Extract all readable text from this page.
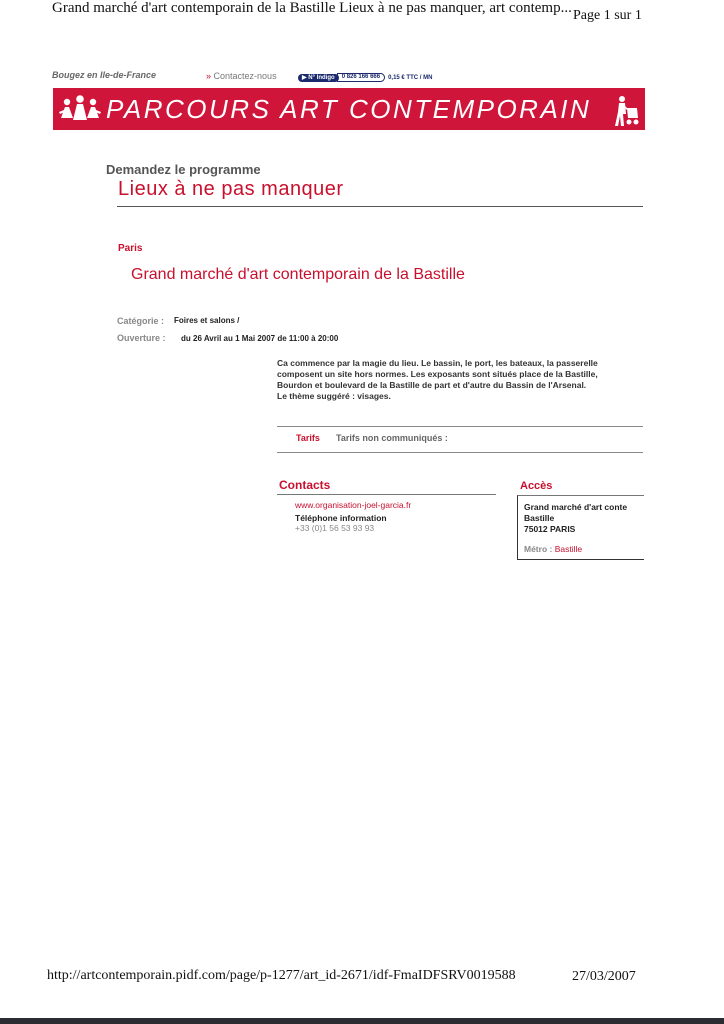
Grand marché d'art contemporain de la Bastille Lieux à ne pas manquer, art contemp... Page 1 sur 1
Bougez en Ile-de-France	» Contactez-nous	▶ N° Indigo	0 826 166 666	0,15 € TTC / MN
PARCOURS ART CONTEMPORAIN
Demandez le programme
Lieux à ne pas manquer
Paris
Grand marché d'art contemporain de la Bastille
Catégorie : Foires et salons /
Ouverture : du 26 Avril au 1 Mai 2007 de 11:00 à 20:00
Ca commence par la magie du lieu. Le bassin, le port, les bateaux, la passerelle
composent un site hors normes. Les exposants sont situés place de la Bastille,
Bourdon et boulevard de la Bastille de part et d'autre du Bassin de l'Arsenal.
Le thème suggéré : visages.
Tarifs Tarifs non communiqués :
Contacts
www.organisation-joel-garcia.fr
Téléphone information
+33 (0)1 56 53 93 93
Accès
Grand marché d'art conte
Bastille
75012 PARIS
Métro : Bastille
http://artcontemporain.pidf.com/page/p-1277/art_id-2671/idf-FmaIDFSRV0019588	27/03/2007
